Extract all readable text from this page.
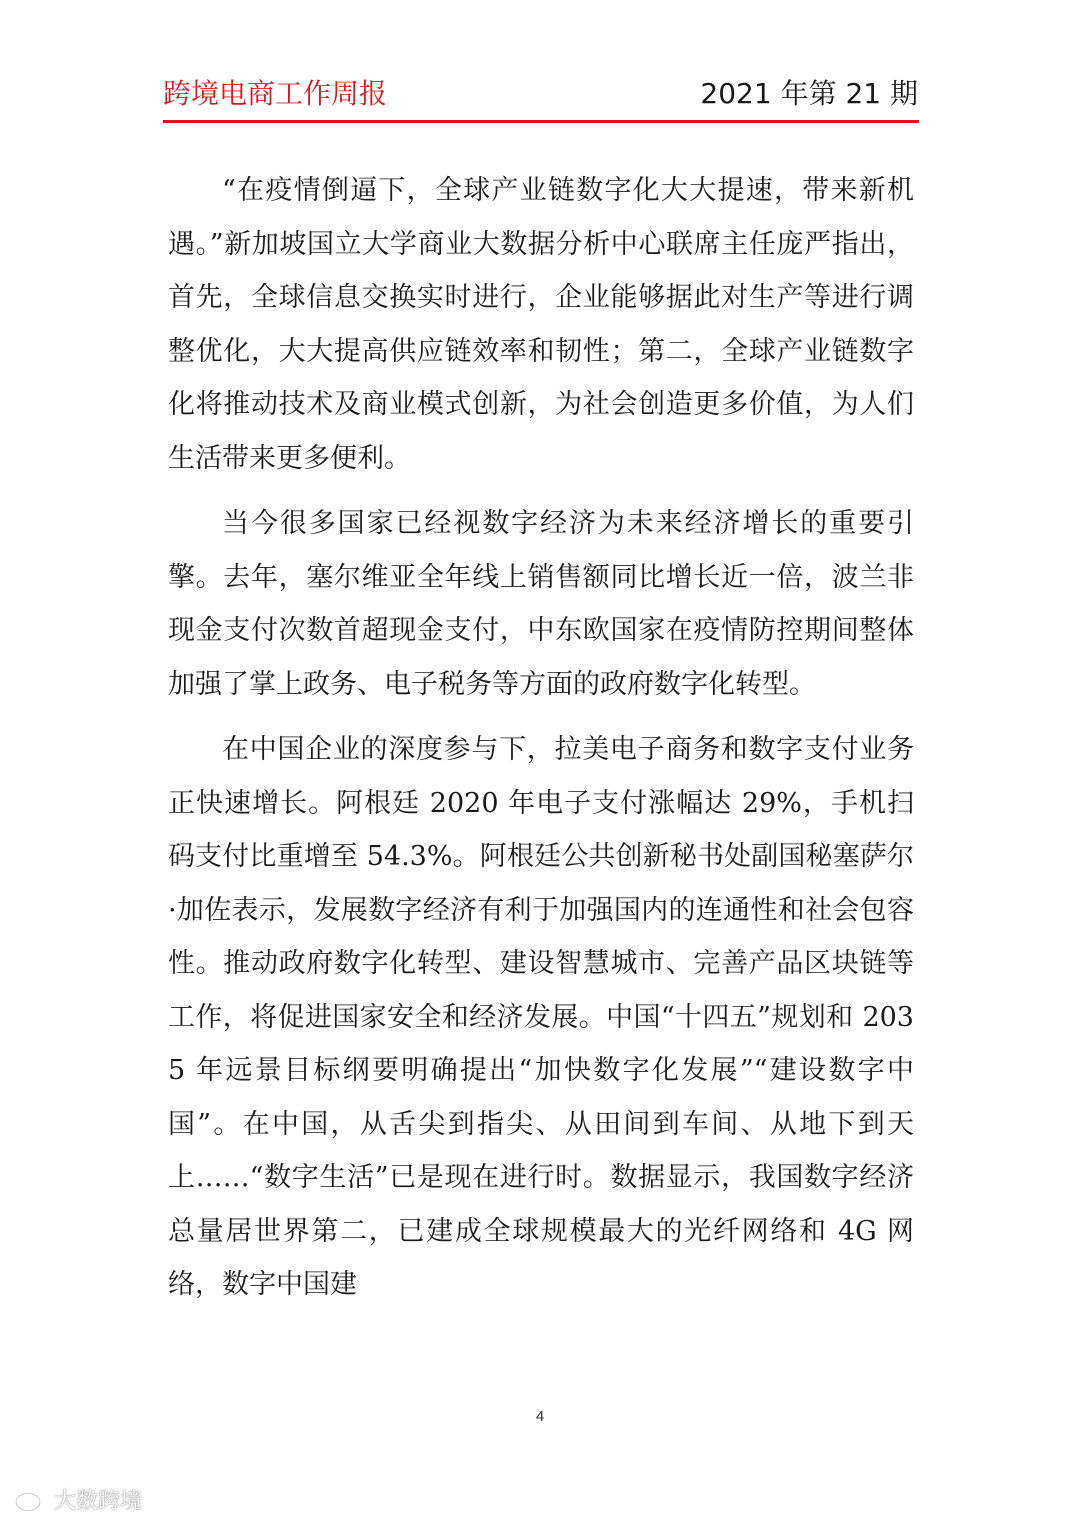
跨境电商工作周报	2021 年第 21 期

“在疫情倒逼下，全球产业链数字化大大提速，带来新机遇。”新加坡国立大学商业大数据分析中心联席主任庞严指出，首先，全球信息交换实时进行，企业能够据此对生产等进行调整优化，大大提高供应链效率和韧性；第二，全球产业链数字化将推动技术及商业模式创新，为社会创造更多价值，为人们生活带来更多便利。

当今很多国家已经视数字经济为未来经济增长的重要引擎。去年，塞尔维亚全年线上销售额同比增长近一倍，波兰非现金支付次数首超现金支付，中东欧国家在疫情防控期间整体加强了掌上政务、电子税务等方面的政府数字化转型。

在中国企业的深度参与下，拉美电子商务和数字支付业务正快速增长。阿根廷 2020 年电子支付涨幅达 29%，手机扫码支付比重增至 54.3%。阿根廷公共创新秘书处副国秘塞萨尔·加佐表示，发展数字经济有利于加强国内的连通性和社会包容性。推动政府数字化转型、建设智慧城市、完善产品区块链等工作，将促进国家安全和经济发展。中国“十四五”规划和 2035 年远景目标纲要明确提出“加快数字化发展”“建设数字中国”。在中国，从舌尖到指尖、从田间到车间、从地下到天上……“数字生活”已是现在进行时。数据显示，我国数字经济总量居世界第二，已建成全球规模最大的光纤网络和 4G 网络，数字中国建

4
大数跨境
